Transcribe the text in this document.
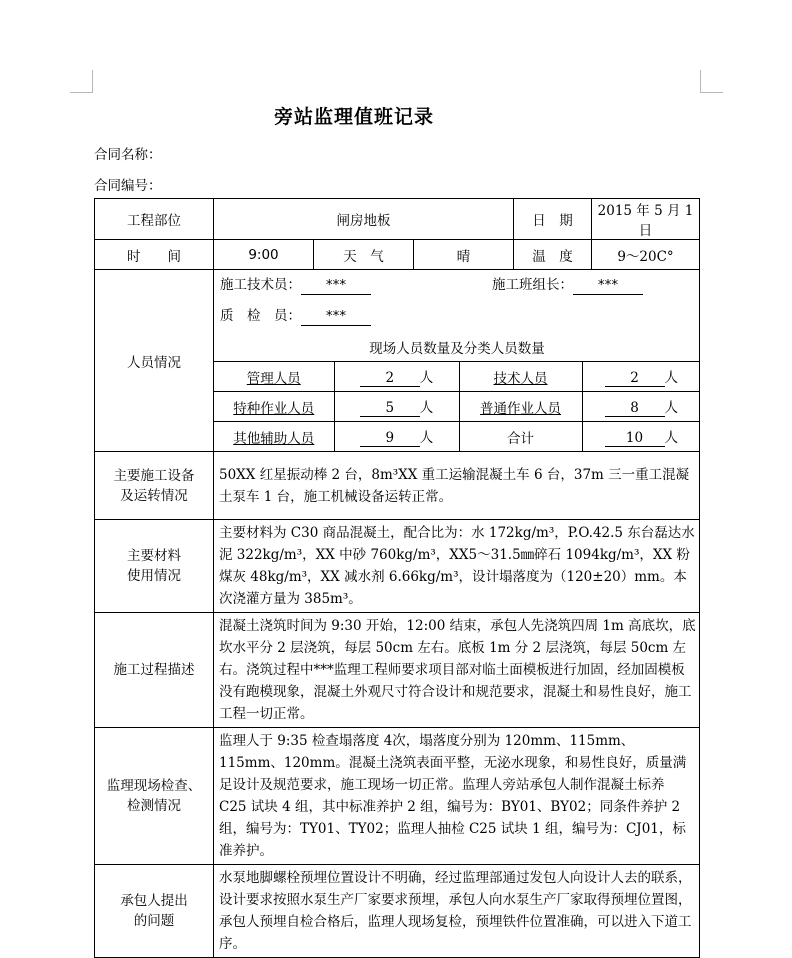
旁站监理值班记录
合同名称：
合同编号：
工程部位	闸房地板	日　期	2015 年 5 月 1 日
时　　间	9:00	天　气	晴	温　度	9～20C°
人员情况	
施工技术员： ***	施工班组长： ***
质　检　员： ***
现场人员数量及分类人员数量
管理人员	2 人	技术人员	2 人
特种作业人员	5 人	普通作业人员	8 人
其他辅助人员	9 人	合计	10 人

主要施工设备
及运转情况	50XX 红星振动棒 2 台，8m³XX 重工运输混凝土车 6 台，37m 三一重工混凝土泵车 1 台，施工机械设备运转正常。
主要材料
使用情况	主要材料为 C30 商品混凝土，配合比为：水 172kg/m³，P.O.42.5 东台磊达水泥 322kg/m³，XX 中砂 760kg/m³，XX5～31.5㎜碎石 1094kg/m³，XX 粉煤灰 48kg/m³，XX 减水剂 6.66kg/m³，设计塌落度为（120±20）mm。本次浇灌方量为 385m³。
施工过程描述	混凝土浇筑时间为 9:30 开始，12:00 结束，承包人先浇筑四周 1m 高底坎，底坎水平分 2 层浇筑，每层 50cm 左右。底板 1m 分 2 层浇筑，每层 50cm 左右。浇筑过程中***监理工程师要求项目部对临土面模板进行加固，经加固模板没有跑模现象，混凝土外观尺寸符合设计和规范要求，混凝土和易性良好，施工工程一切正常。
监理现场检查、
检测情况	监理人于 9:35 检查塌落度 4次，塌落度分别为 120mm、115mm、115mm、120mm。混凝土浇筑表面平整，无泌水现象，和易性良好，质量满足设计及规范要求，施工现场一切正常。监理人旁站承包人制作混凝土标养 C25 试块 4 组，其中标准养护 2 组，编号为：BY01、BY02；同条件养护 2 组，编号为：TY01、TY02；监理人抽检 C25 试块 1 组，编号为：CJ01，标准养护。
承包人提出
的问题	水泵地脚螺栓预埋位置设计不明确，经过监理部通过发包人向设计人去的联系，设计要求按照水泵生产厂家要求预埋，承包人向水泵生产厂家取得预埋位置图，承包人预埋自检合格后，监理人现场复检，预埋铁件位置准确，可以进入下道工序。
